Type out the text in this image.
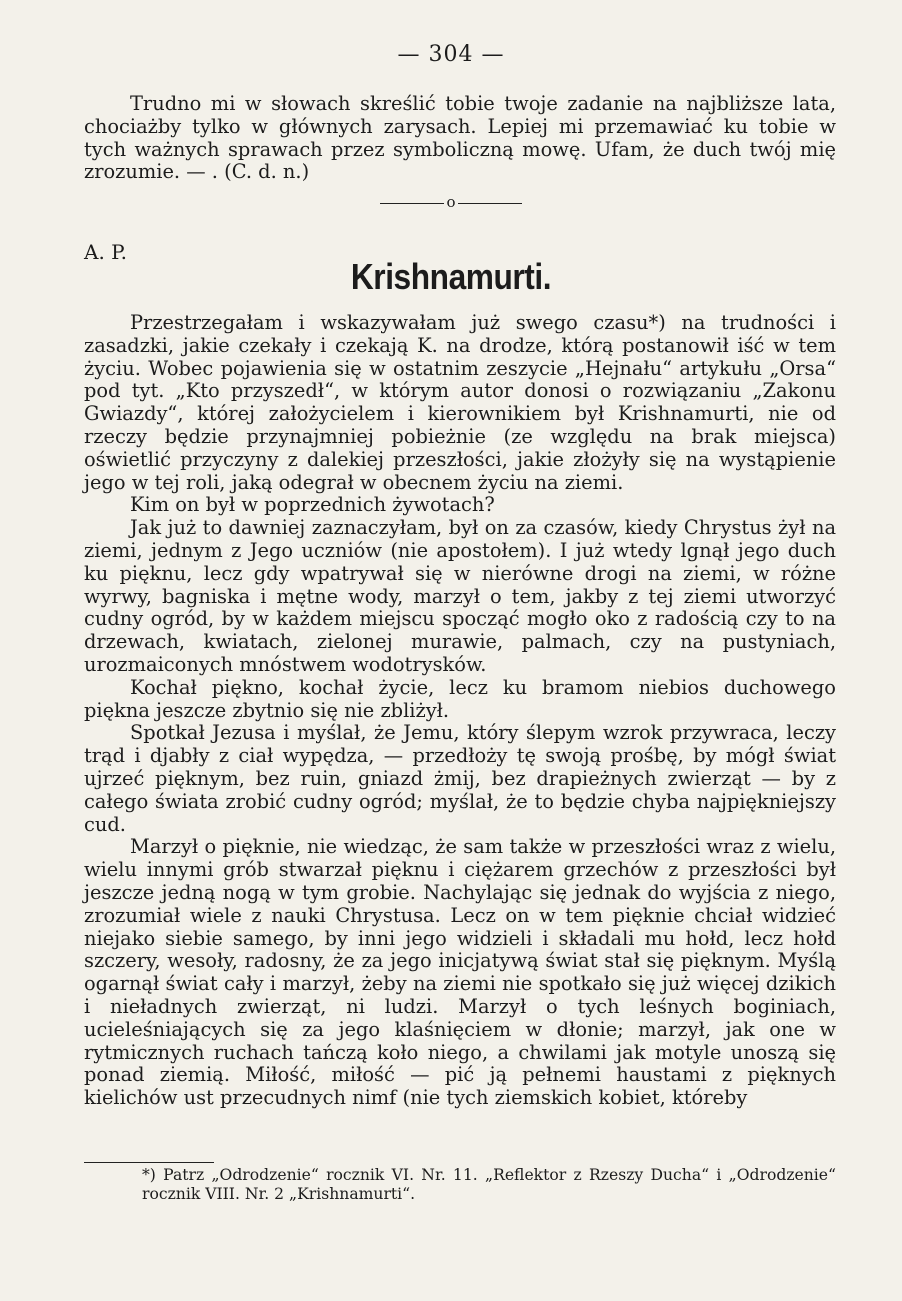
— 304 —

Trudno mi w słowach skreślić tobie twoje zadanie na najbliższe lata, chociażby tylko w głównych zarysach. Lepiej mi przemawiać ku tobie w tych ważnych sprawach przez symboliczną mowę. Ufam, że duch twój mię zrozumie. — . (C. d. n.)

o
A. P.
Krishnamurti.

Przestrzegałam i wskazywałam już swego czasu*) na trudności i zasadzki, jakie czekały i czekają K. na drodze, którą postanowił iść w tem życiu. Wobec pojawienia się w ostatnim zeszycie „Hejnału“ artykułu „Orsa“ pod tyt. „Kto przyszedł“, w którym autor donosi o rozwiązaniu „Zakonu Gwiazdy“, której założycielem i kierownikiem był Krishnamurti, nie od rzeczy będzie przynajmniej pobieżnie (ze względu na brak miejsca) oświetlić przyczyny z dalekiej przeszłości, jakie złożyły się na wystąpienie jego w tej roli, jaką odegrał w obecnem życiu na ziemi.

Kim on był w poprzednich żywotach?

Jak już to dawniej zaznaczyłam, był on za czasów, kiedy Chrystus żył na ziemi, jednym z Jego uczniów (nie apostołem). I już wtedy lgnął jego duch ku pięknu, lecz gdy wpatrywał się w nierówne drogi na ziemi, w różne wyrwy, bagniska i mętne wody, marzył o tem, jakby z tej ziemi utworzyć cudny ogród, by w każdem miejscu spocząć mogło oko z radością czy to na drzewach, kwiatach, zielonej murawie, palmach, czy na pustyniach, urozmaiconych mnóstwem wodotrysków.

Kochał piękno, kochał życie, lecz ku bramom niebios duchowego piękna jeszcze zbytnio się nie zbliżył.

Spotkał Jezusa i myślał, że Jemu, który ślepym wzrok przywraca, leczy trąd i djabły z ciał wypędza, — przedłoży tę swoją prośbę, by mógł świat ujrzeć pięknym, bez ruin, gniazd żmij, bez drapieżnych zwierząt — by z całego świata zrobić cudny ogród; myślał, że to będzie chyba najpiękniejszy cud.

Marzył o pięknie, nie wiedząc, że sam także w przeszłości wraz z wielu, wielu innymi grób stwarzał pięknu i ciężarem grzechów z przeszłości był jeszcze jedną nogą w tym grobie. Nachylając się jednak do wyjścia z niego, zrozumiał wiele z nauki Chrystusa. Lecz on w tem pięknie chciał widzieć niejako siebie samego, by inni jego widzieli i składali mu hołd, lecz hołd szczery, wesoły, radosny, że za jego inicjatywą świat stał się pięknym. Myślą ogarnął świat cały i marzył, żeby na ziemi nie spotkało się już więcej dzikich i nieładnych zwierząt, ni ludzi. Marzył o tych leśnych boginiach, ucieleśniających się za jego klaśnięciem w dłonie; marzył, jak one w rytmicznych ruchach tańczą koło niego, a chwilami jak motyle unoszą się ponad ziemią. Miłość, miłość — pić ją pełnemi haustami z pięknych kielichów ust przecudnych nimf (nie tych ziemskich kobiet, któreby

*) Patrz „Odrodzenie“ rocznik VI. Nr. 11. „Reflektor z Rzeszy Ducha“ i „Odrodzenie“ rocznik VIII. Nr. 2 „Krishnamurti“.
